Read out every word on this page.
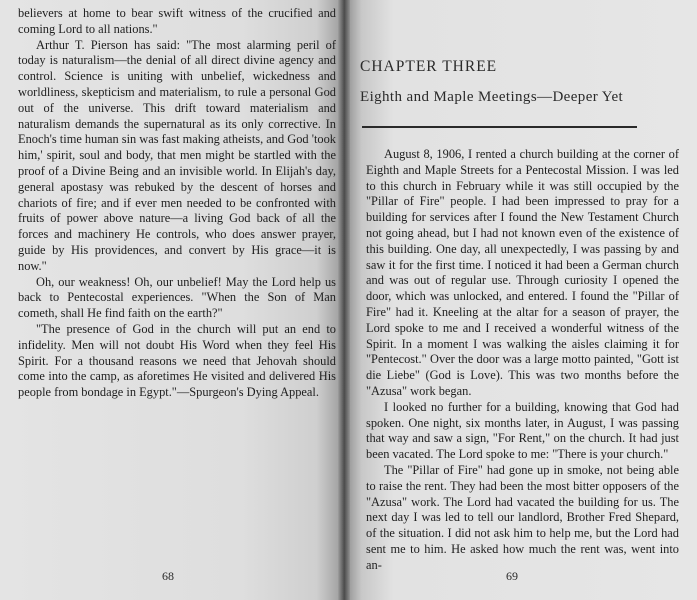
believers at home to bear swift witness of the crucified and coming Lord to all nations."

Arthur T. Pierson has said: "The most alarming peril of today is naturalism—the denial of all direct divine agency and control. Science is uniting with unbelief, wickedness and worldliness, skepticism and materialism, to rule a personal God out of the universe. This drift toward materialism and naturalism demands the supernatural as its only corrective. In Enoch's time human sin was fast making atheists, and God 'took him,' spirit, soul and body, that men might be startled with the proof of a Divine Being and an invisible world. In Elijah's day, general apostasy was rebuked by the descent of horses and chariots of fire; and if ever men needed to be confronted with fruits of power above nature—a living God back of all the forces and machinery He controls, who does answer prayer, guide by His providences, and convert by His grace—it is now."

Oh, our weakness! Oh, our unbelief! May the Lord help us back to Pentecostal experiences. "When the Son of Man cometh, shall He find faith on the earth?"

"The presence of God in the church will put an end to infidelity. Men will not doubt His Word when they feel His Spirit. For a thousand reasons we need that Jehovah should come into the camp, as aforetimes He visited and delivered His people from bondage in Egypt."—Spurgeon's Dying Appeal.

68
CHAPTER THREE
Eighth and Maple Meetings—Deeper Yet

August 8, 1906, I rented a church building at the corner of Eighth and Maple Streets for a Pentecostal Mission. I was led to this church in February while it was still occupied by the "Pillar of Fire" people. I had been impressed to pray for a building for services after I found the New Testament Church not going ahead, but I had not known even of the existence of this building. One day, all unexpectedly, I was passing by and saw it for the first time. I noticed it had been a German church and was out of regular use. Through curiosity I opened the door, which was unlocked, and entered. I found the "Pillar of Fire" had it. Kneeling at the altar for a season of prayer, the Lord spoke to me and I received a wonderful witness of the Spirit. In a moment I was walking the aisles claiming it for "Pentecost." Over the door was a large motto painted, "Gott ist die Liebe" (God is Love). This was two months before the "Azusa" work began.

I looked no further for a building, knowing that God had spoken. One night, six months later, in August, I was passing that way and saw a sign, "For Rent," on the church. It had just been vacated. The Lord spoke to me: "There is your church."

The "Pillar of Fire" had gone up in smoke, not being able to raise the rent. They had been the most bitter opposers of the "Azusa" work. The Lord had vacated the building for us. The next day I was led to tell our landlord, Brother Fred Shepard, of the situation. I did not ask him to help me, but the Lord had sent me to him. He asked how much the rent was, went into an-

69
